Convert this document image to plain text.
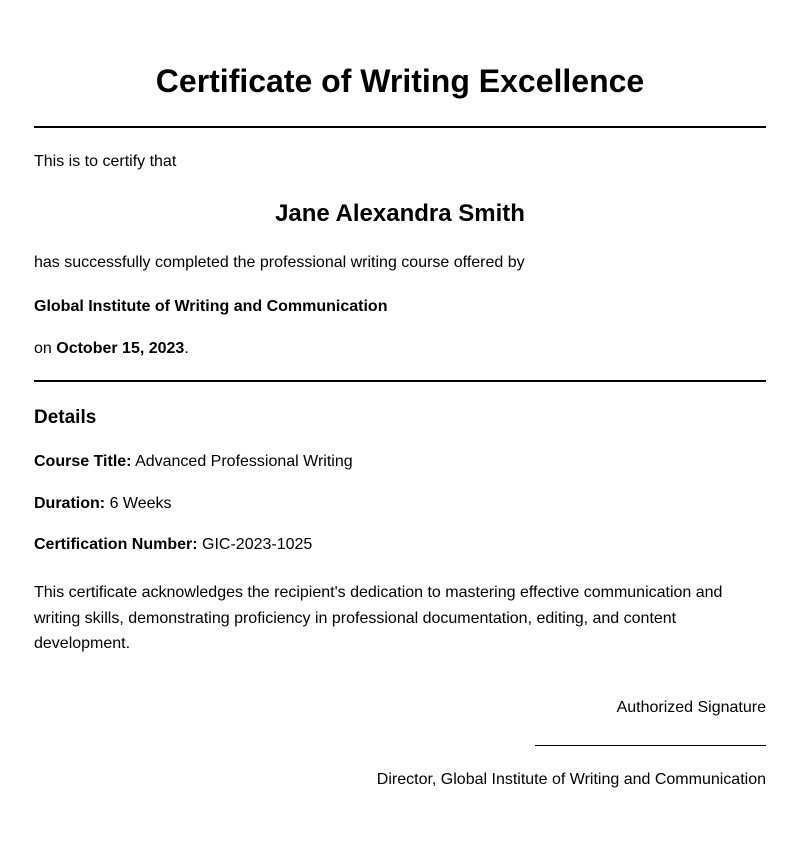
Certificate of Writing Excellence

This is to certify that

Jane Alexandra Smith

has successfully completed the professional writing course offered by

Global Institute of Writing and Communication

on October 15, 2023.

Details

Course Title: Advanced Professional Writing

Duration: 6 Weeks

Certification Number: GIC-2023-1025

This certificate acknowledges the recipient's dedication to mastering effective communication and writing skills, demonstrating proficiency in professional documentation, editing, and content development.

Authorized Signature

Director, Global Institute of Writing and Communication
